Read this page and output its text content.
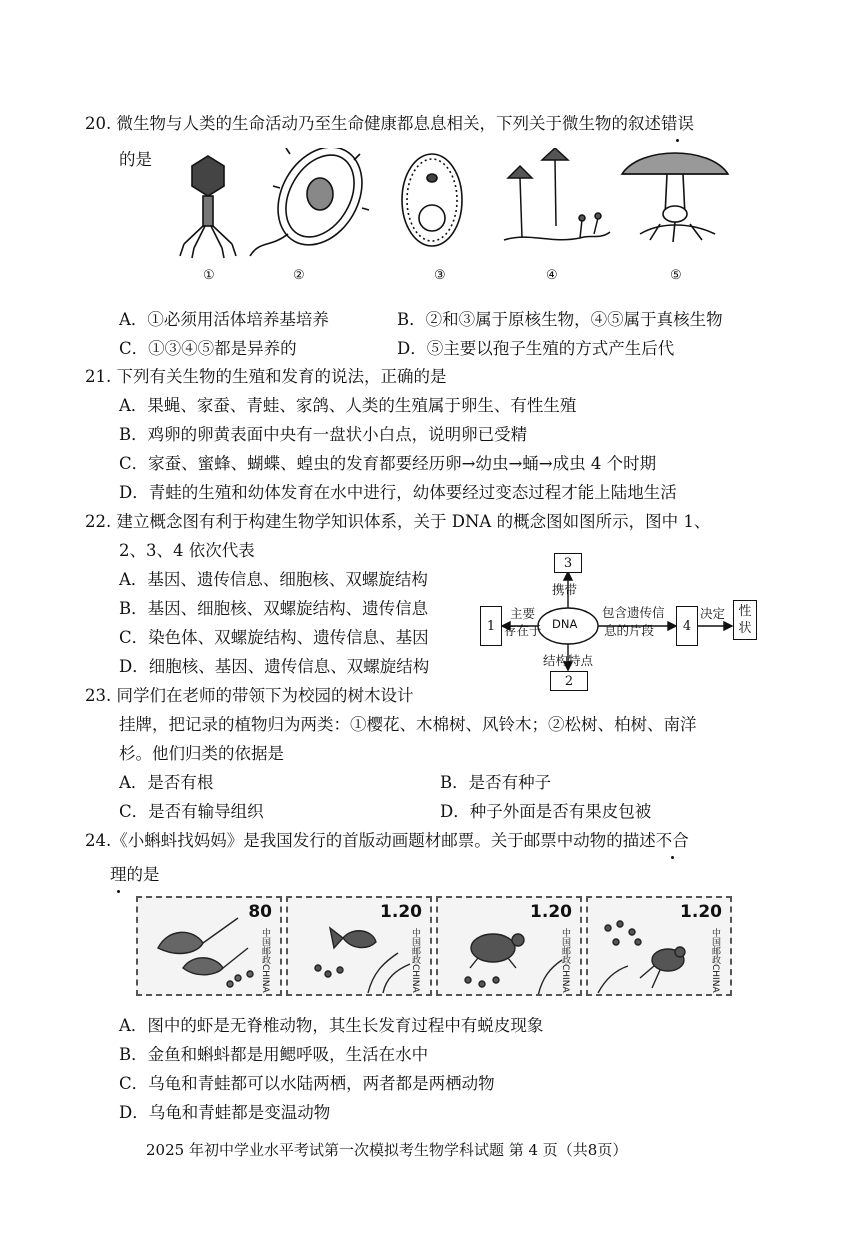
20. 微生物与人类的生命活动乃至生命健康都息息相关，下列关于微生物的叙述错误
的是
①	②	③	④	⑤
A．①必须用活体培养基培养	B．②和③属于原核生物，④⑤属于真核生物
C．①③④⑤都是异养的	D．⑤主要以孢子生殖的方式产生后代
21. 下列有关生物的生殖和发育的说法，正确的是
A．果蝇、家蚕、青蛙、家鸽、人类的生殖属于卵生、有性生殖
B．鸡卵的卵黄表面中央有一盘状小白点，说明卵已受精
C．家蚕、蜜蜂、蝴蝶、蝗虫的发育都要经历卵→幼虫→蛹→成虫 4 个时期
D．青蛙的生殖和幼体发育在水中进行，幼体要经过变态过程才能上陆地生活
22. 建立概念图有利于构建生物学知识体系，关于 DNA 的概念图如图所示，图中 1、
2、3、4 依次代表
A．基因、遗传信息、细胞核、双螺旋结构
B．基因、细胞核、双螺旋结构、遗传信息
C．染色体、双螺旋结构、遗传信息、基因
D．细胞核、基因、遗传信息、双螺旋结构
DNA
3
1	4
性状
2
携带
主要
存在于
包含遗传信
息的片段
决定
结构特点
23. 同学们在老师的带领下为校园的树木设计
挂牌，把记录的植物归为两类：①樱花、木棉树、风铃木；②松树、柏树、南洋
杉。他们归类的依据是
A．是否有根	B．是否有种子
C．是否有输导组织	D．种子外面是否有果皮包被
24.《小蝌蚪找妈妈》是我国发行的首版动画题材邮票。关于邮票中动物的描述不合
理的是
80
中国邮政CHINA
1.20
中国邮政CHINA
1.20
中国邮政CHINA
1.20
中国邮政CHINA
A．图中的虾是无脊椎动物，其生长发育过程中有蜕皮现象
B．金鱼和蝌蚪都是用鳃呼吸，生活在水中
C．乌龟和青蛙都可以水陆两栖，两者都是两栖动物
D．乌龟和青蛙都是变温动物
2025 年初中学业水平考试第一次模拟考生物学科试题 第 4 页（共8页）
